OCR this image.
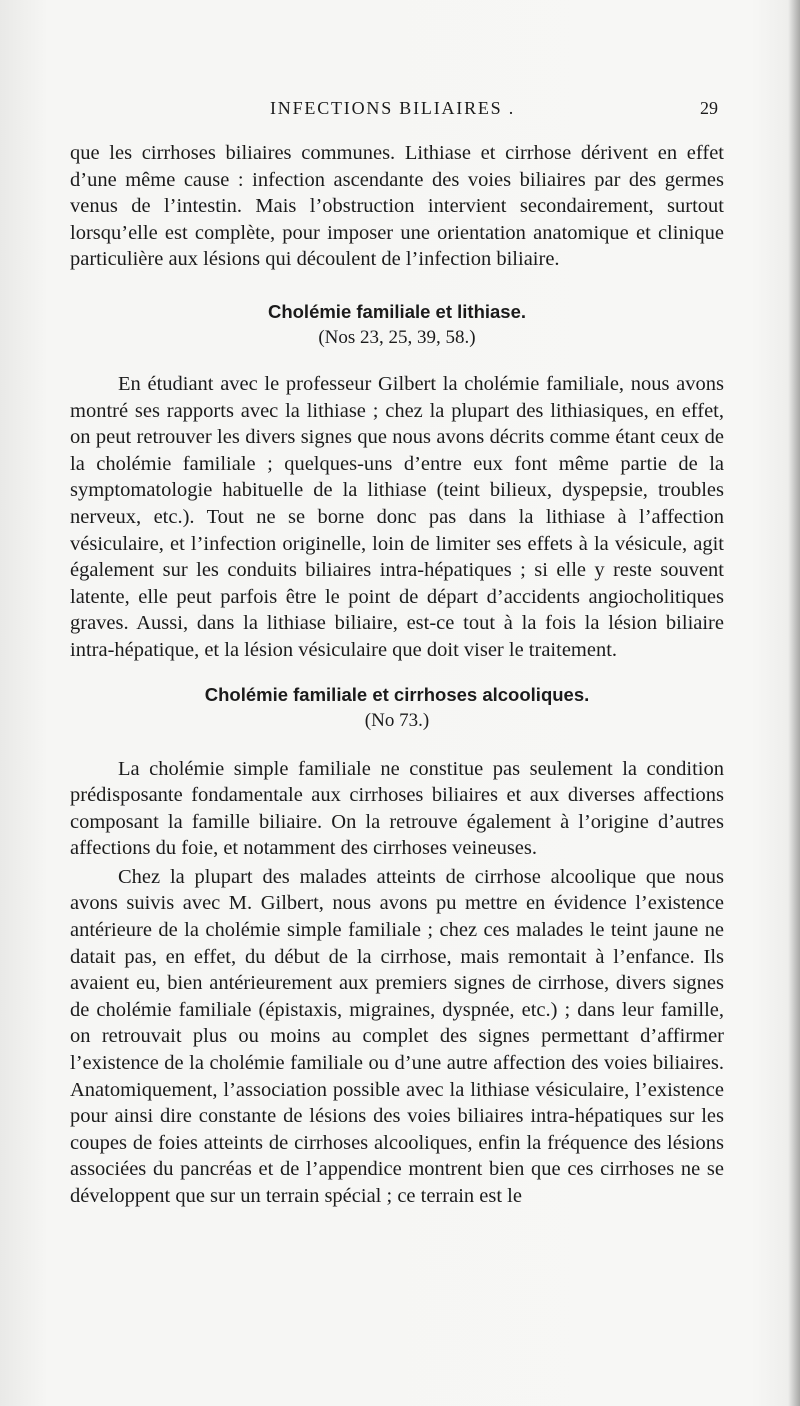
INFECTIONS BILIAIRES .	29

que les cirrhoses biliaires communes. Lithiase et cirrhose dérivent en effet d’une même cause : infection ascendante des voies biliaires par des germes venus de l’intestin. Mais l’obstruction intervient secondairement, surtout lorsqu’elle est complète, pour imposer une orientation anatomique et clinique particulière aux lésions qui découlent de l’infection biliaire.

Cholémie familiale et lithiase.

(Nos 23, 25, 39, 58.)

En étudiant avec le professeur Gilbert la cholémie familiale, nous avons montré ses rapports avec la lithiase ; chez la plupart des lithiasiques, en effet, on peut retrouver les divers signes que nous avons décrits comme étant ceux de la cholémie familiale ; quelques-uns d’entre eux font même partie de la symptomatologie habituelle de la lithiase (teint bilieux, dyspepsie, troubles nerveux, etc.). Tout ne se borne donc pas dans la lithiase à l’affection vésiculaire, et l’infection originelle, loin de limiter ses effets à la vésicule, agit également sur les conduits biliaires intra-hépatiques ; si elle y reste souvent latente, elle peut parfois être le point de départ d’accidents angiocholitiques graves. Aussi, dans la lithiase biliaire, est-ce tout à la fois la lésion biliaire intra-hépatique, et la lésion vésiculaire que doit viser le traitement.

Cholémie familiale et cirrhoses alcooliques.

(No 73.)

La cholémie simple familiale ne constitue pas seulement la condition prédisposante fondamentale aux cirrhoses biliaires et aux diverses affections composant la famille biliaire. On la retrouve également à l’origine d’autres affections du foie, et notamment des cirrhoses veineuses.

Chez la plupart des malades atteints de cirrhose alcoolique que nous avons suivis avec M. Gilbert, nous avons pu mettre en évidence l’existence antérieure de la cholémie simple familiale ; chez ces malades le teint jaune ne datait pas, en effet, du début de la cirrhose, mais remontait à l’enfance. Ils avaient eu, bien antérieurement aux premiers signes de cirrhose, divers signes de cholémie familiale (épistaxis, migraines, dyspnée, etc.) ; dans leur famille, on retrouvait plus ou moins au complet des signes permettant d’affirmer l’existence de la cholémie familiale ou d’une autre affection des voies biliaires. Anatomiquement, l’association possible avec la lithiase vésiculaire, l’existence pour ainsi dire constante de lésions des voies biliaires intra-hépatiques sur les coupes de foies atteints de cirrhoses alcooliques, enfin la fréquence des lésions associées du pancréas et de l’appendice montrent bien que ces cirrhoses ne se développent que sur un terrain spécial ; ce terrain est le
